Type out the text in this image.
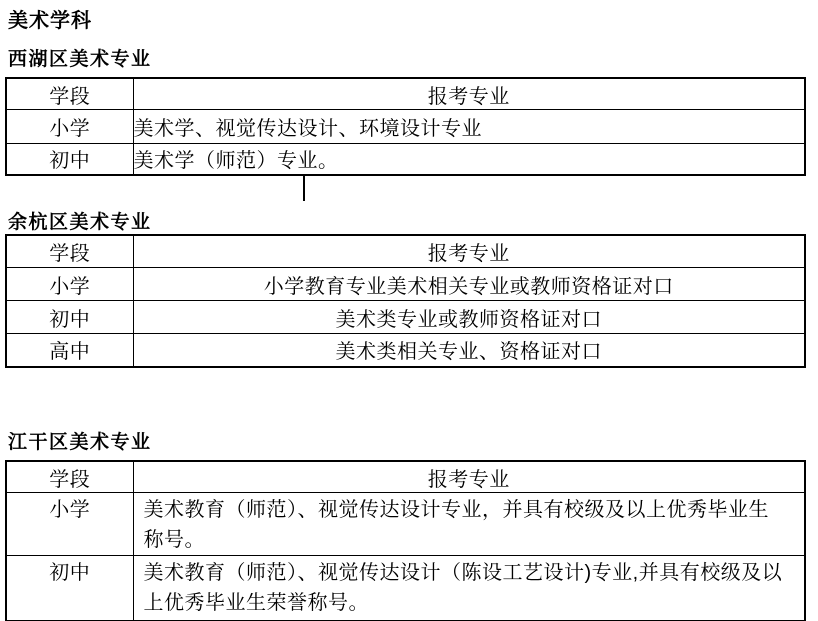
美术学科
西湖区美术专业
学段	报考专业
小学	美术学、视觉传达设计、环境设计专业
初中	美术学（师范）专业。
余杭区美术专业
学段	报考专业
小学	小学教育专业美术相关专业或教师资格证对口
初中	美术类专业或教师资格证对口
高中	美术类相关专业、资格证对口
江干区美术专业
学段	报考专业
小学	美术教育（师范）、视觉传达设计专业，并具有校级及以上优秀毕业生称号。
初中	美术教育（师范）、视觉传达设计（陈设工艺设计)专业,并具有校级及以上优秀毕业生荣誉称号。
